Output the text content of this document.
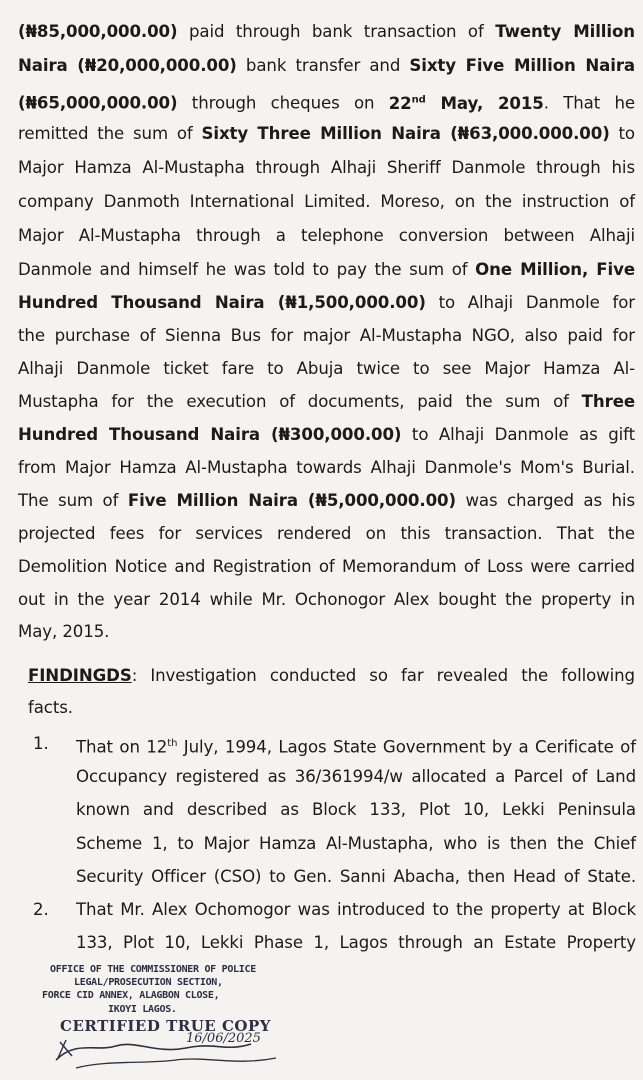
(₦85,000,000.00) paid through bank transaction of Twenty Million
Naira (₦20,000,000.00) bank transfer and Sixty Five Million Naira
(₦65,000,000.00) through cheques on 22nd May, 2015. That he
remitted the sum of Sixty Three Million Naira (₦63,000.000.00) to
Major Hamza Al-Mustapha through Alhaji Sheriff Danmole through his
company Danmoth International Limited. Moreso, on the instruction of
Major Al-Mustapha through a telephone conversion between Alhaji
Danmole and himself he was told to pay the sum of One Million, Five
Hundred Thousand Naira (₦1,500,000.00) to Alhaji Danmole for
the purchase of Sienna Bus for major Al-Mustapha NGO, also paid for
Alhaji Danmole ticket fare to Abuja twice to see Major Hamza Al-
Mustapha for the execution of documents, paid the sum of Three
Hundred Thousand Naira (₦300,000.00) to Alhaji Danmole as gift
from Major Hamza Al-Mustapha towards Alhaji Danmole's Mom's Burial.
The sum of Five Million Naira (₦5,000,000.00) was charged as his
projected fees for services rendered on this transaction. That the
Demolition Notice and Registration of Memorandum of Loss were carried
out in the year 2014 while Mr. Ochonogor Alex bought the property in
May, 2015.
FINDINGDS: Investigation conducted so far revealed the following
facts.
1. That on 12th July, 1994, Lagos State Government by a Cerificate of
Occupancy registered as 36/361994/w allocated a Parcel of Land
known and described as Block 133, Plot 10, Lekki Peninsula
Scheme 1, to Major Hamza Al-Mustapha, who is then the Chief
Security Officer (CSO) to Gen. Sanni Abacha, then Head of State.
2. That Mr. Alex Ochomogor was introduced to the property at Block
133, Plot 10, Lekki Phase 1, Lagos through an Estate Property
OFFICE OF THE COMMISSIONER OF POLICE
LEGAL/PROSECUTION SECTION,
FORCE CID ANNEX, ALAGBON CLOSE,
IKOYI LAGOS.
CERTIFIED TRUE COPY
16/06/2025
